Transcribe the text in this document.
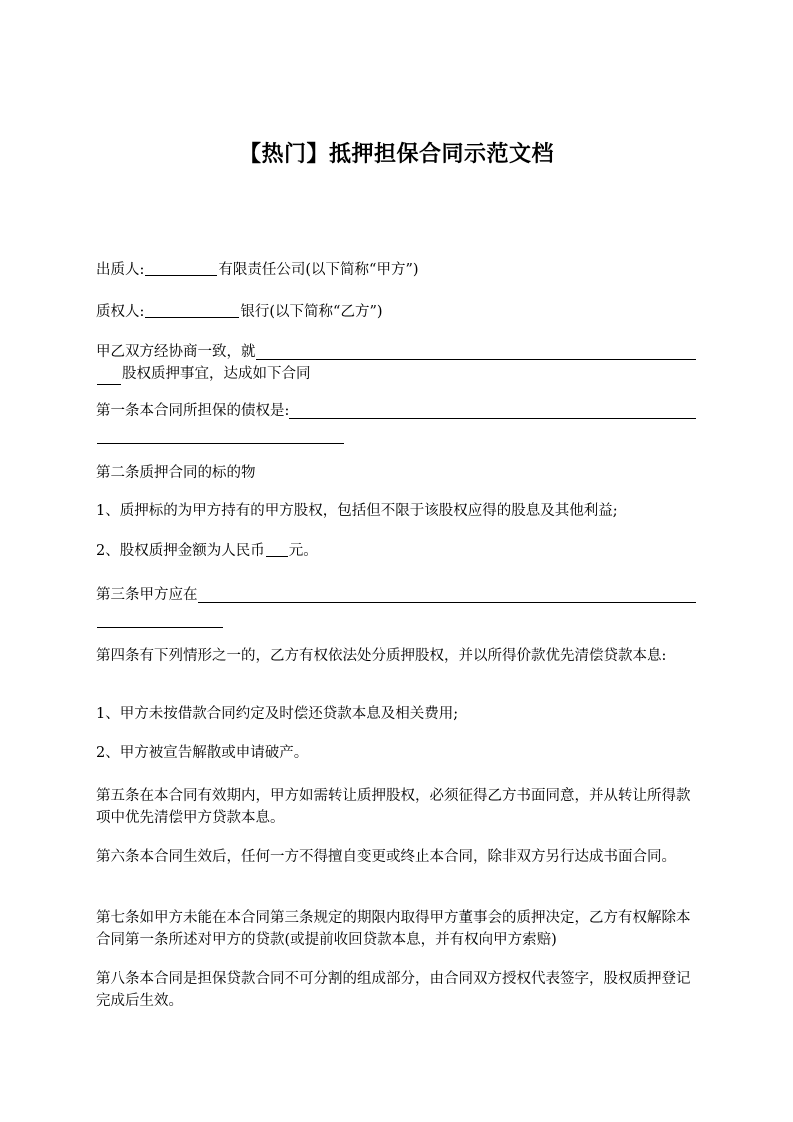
【热门】抵押担保合同示范文档
出质人:	有限责任公司(以下简称“甲方”)
质权人:	银行(以下简称“乙方”)
甲乙双方经协商一致，就
股权质押事宜，达成如下合同
第一条本合同所担保的债权是:
第二条质押合同的标的物
1、质押标的为甲方持有的甲方股权，包括但不限于该股权应得的股息及其他利益;
2、股权质押金额为人民币 元。
第三条甲方应在
第四条有下列情形之一的，乙方有权依法处分质押股权，并以所得价款优先清偿贷款本息:
1、甲方未按借款合同约定及时偿还贷款本息及相关费用;
2、甲方被宣告解散或申请破产。
第五条在本合同有效期内，甲方如需转让质押股权，必须征得乙方书面同意，并从转让所得款项中优先清偿甲方贷款本息。
第六条本合同生效后，任何一方不得擅自变更或终止本合同，除非双方另行达成书面合同。
第七条如甲方未能在本合同第三条规定的期限内取得甲方董事会的质押决定，乙方有权解除本合同第一条所述对甲方的贷款(或提前收回贷款本息，并有权向甲方索赔)
第八条本合同是担保贷款合同不可分割的组成部分，由合同双方授权代表签字，股权质押登记完成后生效。
